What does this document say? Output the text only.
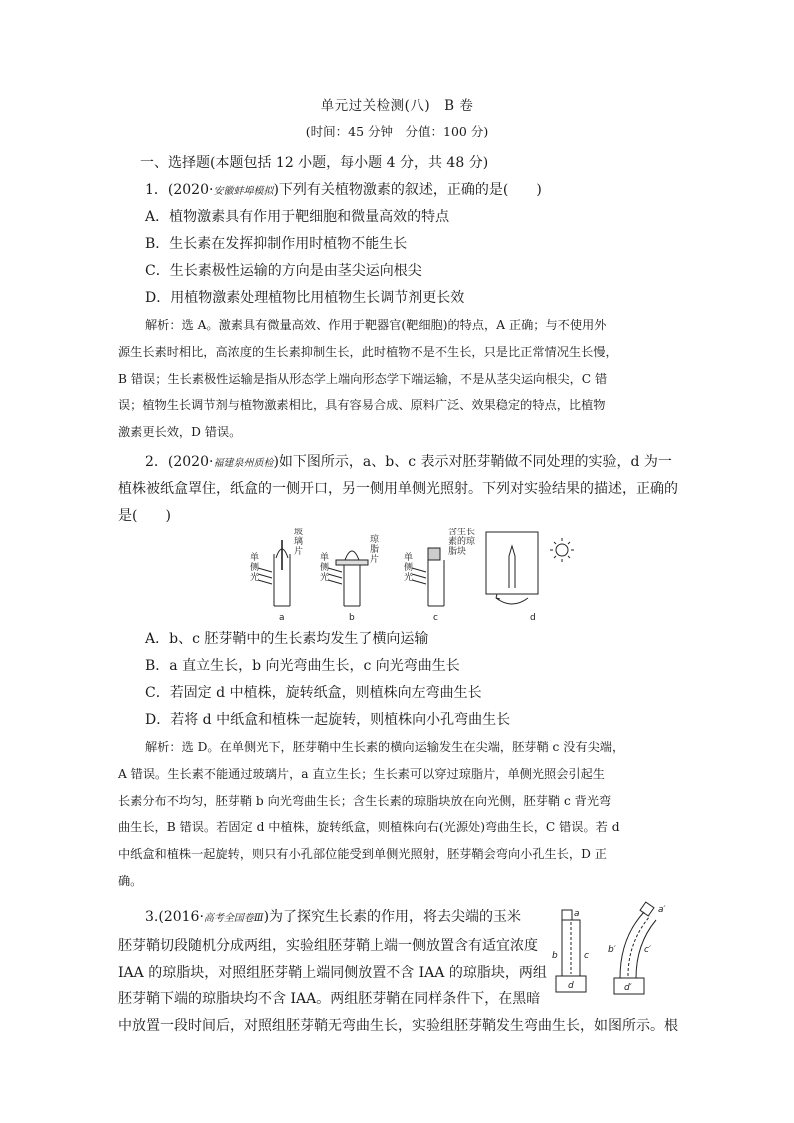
单元过关检测(八)　B 卷
(时间：45 分钟　分值：100 分)
一、选择题(本题包括 12 小题，每小题 4 分，共 48 分)
1．(2020·安徽蚌埠模拟)下列有关植物激素的叙述，正确的是(　　)
A．植物激素具有作用于靶细胞和微量高效的特点
B．生长素在发挥抑制作用时植物不能生长
C．生长素极性运输的方向是由茎尖运向根尖
D．用植物激素处理植物比用植物生长调节剂更长效
解析：选 A。激素具有微量高效、作用于靶器官(靶细胞)的特点，A 正确；与不使用外
源生长素时相比，高浓度的生长素抑制生长，此时植物不是不生长，只是比正常情况生长慢，
B 错误；生长素极性运输是指从形态学上端向形态学下端运输，不是从茎尖运向根尖，C 错
误；植物生长调节剂与植物激素相比，具有容易合成、原料广泛、效果稳定的特点，比植物
激素更长效，D 错误。
2．(2020·福建泉州质检)如下图所示，a、b、c 表示对胚芽鞘做不同处理的实验，d 为一
植株被纸盒罩住，纸盒的一侧开口，另一侧用单侧光照射。下列对实验结果的描述，正确的
是(　　)
单侧光
玻璃片
单侧光
琼脂片	单侧光
含生长素的琼脂块
a	b	c	d
A．b、c 胚芽鞘中的生长素均发生了横向运输
B．a 直立生长，b 向光弯曲生长，c 向光弯曲生长
C．若固定 d 中植株，旋转纸盒，则植株向左弯曲生长
D．若将 d 中纸盒和植株一起旋转，则植株向小孔弯曲生长
解析：选 D。在单侧光下，胚芽鞘中生长素的横向运输发生在尖端，胚芽鞘 c 没有尖端，
A 错误。生长素不能通过玻璃片，a 直立生长；生长素可以穿过琼脂片，单侧光照会引起生
长素分布不均匀，胚芽鞘 b 向光弯曲生长；含生长素的琼脂块放在向光侧，胚芽鞘 c 背光弯
曲生长，B 错误。若固定 d 中植株，旋转纸盒，则植株向右(光源处)弯曲生长，C 错误。若 d
中纸盒和植株一起旋转，则只有小孔部位能受到单侧光照射，胚芽鞘会弯向小孔生长，D 正
确。
3.(2016·高考全国卷Ⅲ)为了探究生长素的作用，将去尖端的玉米
胚芽鞘切段随机分成两组，实验组胚芽鞘上端一侧放置含有适宜浓度
IAA 的琼脂块，对照组胚芽鞘上端同侧放置不含 IAA 的琼脂块，两组
胚芽鞘下端的琼脂块均不含 IAA。两组胚芽鞘在同样条件下，在黑暗
中放置一段时间后，对照组胚芽鞘无弯曲生长，实验组胚芽鞘发生弯曲生长，如图所示。根
a
b	c
d
a′
b′	c′
d′
